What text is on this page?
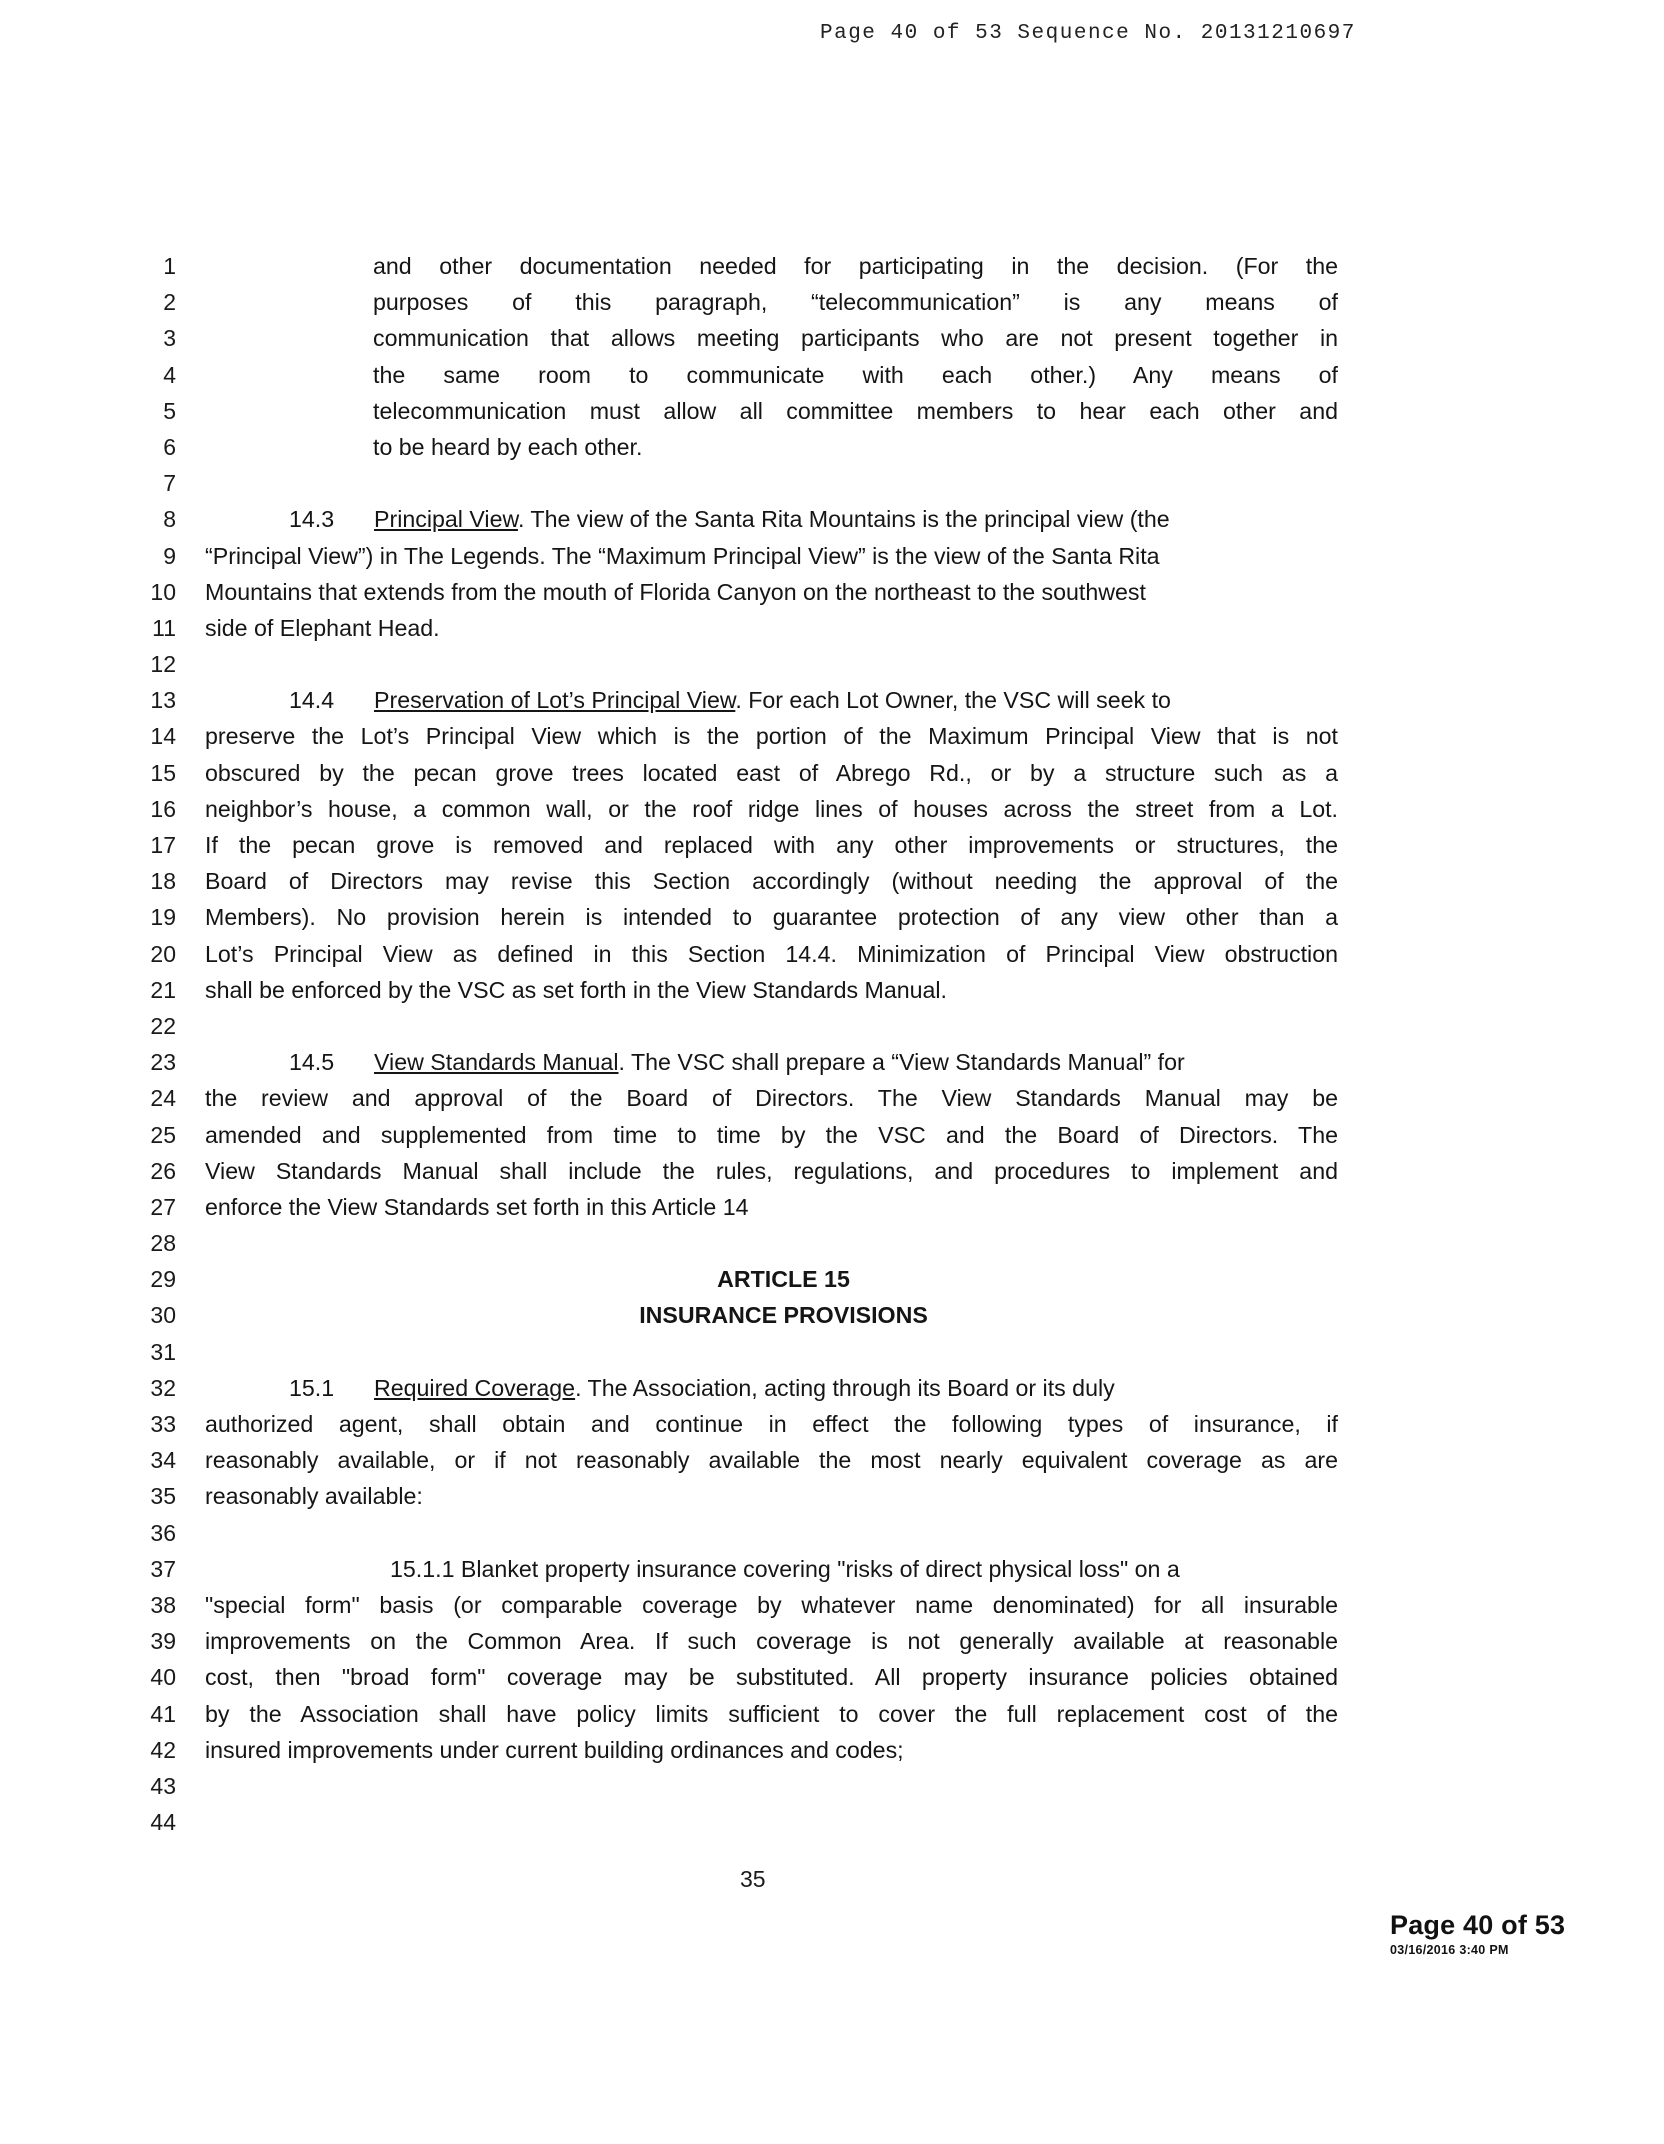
Page 40 of 53 Sequence No. 20131210697
1
2
3
4
5
6
7
8
9
10
11
12
13
14
15
16
17
18
19
20
21
22
23
24
25
26
27
28
29
30
31
32
33
34
35
36
37
38
39
40
41
42
43
44
and other documentation needed for participating in the decision. (For the
purposes of this paragraph, “telecommunication” is any means of
communication that allows meeting participants who are not present together in
the same room to communicate with each other.) Any means of
telecommunication must allow all committee members to hear each other and
to be heard by each other.
14.3 Principal View. The view of the Santa Rita Mountains is the principal view (the
“Principal View”) in The Legends. The “Maximum Principal View” is the view of the Santa Rita
Mountains that extends from the mouth of Florida Canyon on the northeast to the southwest
side of Elephant Head.
14.4 Preservation of Lot’s Principal View. For each Lot Owner, the VSC will seek to
preserve the Lot’s Principal View which is the portion of the Maximum Principal View that is not
obscured by the pecan grove trees located east of Abrego Rd., or by a structure such as a
neighbor’s house, a common wall, or the roof ridge lines of houses across the street from a Lot.
If the pecan grove is removed and replaced with any other improvements or structures, the
Board of Directors may revise this Section accordingly (without needing the approval of the
Members). No provision herein is intended to guarantee protection of any view other than a
Lot’s Principal View as defined in this Section 14.4. Minimization of Principal View obstruction
shall be enforced by the VSC as set forth in the View Standards Manual.
14.5 View Standards Manual. The VSC shall prepare a “View Standards Manual” for
the review and approval of the Board of Directors. The View Standards Manual may be
amended and supplemented from time to time by the VSC and the Board of Directors. The
View Standards Manual shall include the rules, regulations, and procedures to implement and
enforce the View Standards set forth in this Article 14
ARTICLE 15
INSURANCE PROVISIONS
15.1 Required Coverage. The Association, acting through its Board or its duly
authorized agent, shall obtain and continue in effect the following types of insurance, if
reasonably available, or if not reasonably available the most nearly equivalent coverage as are
reasonably available:
15.1.1 Blanket property insurance covering "risks of direct physical loss" on a
"special form" basis (or comparable coverage by whatever name denominated) for all insurable
improvements on the Common Area. If such coverage is not generally available at reasonable
cost, then "broad form" coverage may be substituted. All property insurance policies obtained
by the Association shall have policy limits sufficient to cover the full replacement cost of the
insured improvements under current building ordinances and codes;
35
Page 40 of 53
03/16/2016 3:40 PM
